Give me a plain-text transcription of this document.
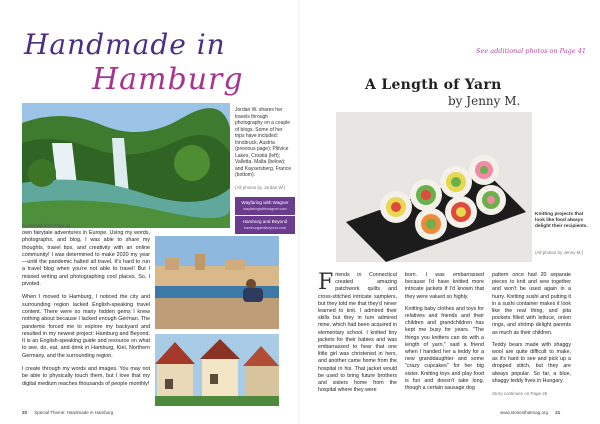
Handmade in
Hamburg
Jordan W. shares her travels through photography on a couple of blogs. Some of her trips have included: Innsbruck, Austria (previous page); Plitvice Lakes, Croatia (left); Valletta, Malta (below); and Kaysersberg, France (bottom).
(All photos by Jordan W.)
Wayfaring with Wagner
wayfaringwithwagner.com
Hamburg and Beyond
hamburgandbeyond.com
Continued from Page 21

own fairytale adventures in Europe. Using my words, photographs, and blog, I was able to share my thoughts, travel tips, and creativity with an online community! I was determined to make 2020 my year—until the pandemic halted all travel. It's hard to run a travel blog when you're not able to travel! But I missed writing and photographing cool places. So, I pivoted.

When I moved to Hamburg, I noticed the city and surrounding region lacked English-speaking travel content. There were so many hidden gems I knew nothing about because I lacked enough German. The pandemic forced me to explore my backyard and resulted in my newest project: Hamburg and Beyond. It is an English-speaking guide and resource on what to see, do, eat, and drink in Hamburg, Kiel, Northern Germany, and the surrounding region.

I create through my words and images. You may not be able to physically touch them, but I love that my digital medium reaches thousands of people monthly!

20 Special Theme: Handmade in Hamburg
See additional photos on Page 41
A Length of Yarn
by Jenny M.
Knitting projects that look like food always delight their recipients.
(All photos by Jenny M.)
Friends in Connecticut created amazing patchwork quilts and cross-stitched intricate samplers, but they told me that they'd never learned to knit. I admired their skills but they in turn admired mine, which had been acquired in elementary school. I knitted tiny jackets for their babies and was embarrassed to hear that one little girl was christened in hers, and another came home from the hospital in his. That jacket would be used to bring future brothers and sisters home from the hospital where they were

born. I was embarrassed because I'd have knitted more intricate jackets if I'd known that they were valued so highly.

Knitting baby clothes and toys for relatives and friends and their children and grandchildren has kept me busy for years. "The things you knitters can do with a length of yarn," said a friend when I handed her a teddy for a new granddaughter and some "crazy cupcakes" for her big sister. Knitting toys and play food is fun and doesn't take long, though a certain sausage dog

pattern once had 20 separate pieces to knit and sew together and won't be used again in a hurry. Knitting sushi and putting it in a sushi container makes it look like the real thing, and pita pockets filled with lettuce, onion rings, and shrimp delight parents as much as their children.

Teddy bears made with shaggy wool are quite difficult to make, as it's hard to see and pick up a dropped stitch, but they are always popular. So far, a blue, shaggy teddy lives in Hungary

Story continues on Page 26
www.storiesthatmag.org 21
